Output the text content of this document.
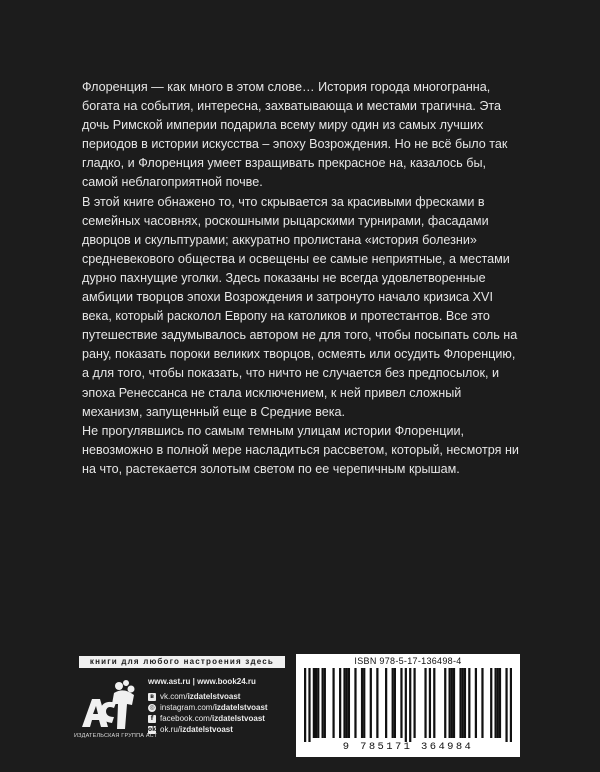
Флоренция — как много в этом слове… История города многогранна, богата на события, интересна, захватывающа и местами трагична. Эта дочь Римской империи подарила всему миру один из самых лучших периодов в истории искусства – эпоху Возрождения. Но не всё было так гладко, и Флоренция умеет взращивать прекрасное на, казалось бы, самой неблагоприятной почве.

В этой книге обнажено то, что скрывается за красивыми фресками в семейных часовнях, роскошными рыцарскими турнирами, фасадами дворцов и скульптурами; аккуратно пролистана «история болезни» средневекового общества и освещены ее самые неприятные, а местами дурно пахнущие уголки. Здесь показаны не всегда удовлетворенные амбиции творцов эпохи Возрождения и затронуто начало кризиса XVI века, который расколол Европу на католиков и протестантов. Все это путешествие задумывалось автором не для того, чтобы посыпать соль на рану, показать пороки великих творцов, осмеять или осудить Флоренцию, а для того, чтобы показать, что ничто не случается без предпосылок, и эпоха Ренессанса не стала исключением, к ней привел сложный механизм, запущенный еще в Средние века.

Не прогулявшись по самым темным улицам истории Флоренции, невозможно в полной мере насладиться рассветом, который, несмотря ни на что, растекается золотым светом по ее черепичным крышам.

книги для любого настроения здесь
ACT
ИЗДАТЕЛЬСКАЯ ГРУППА АСТ
www.ast.ru | www.book24.ru
в vk.com/izdatelstvoast
◎ instagram.com/izdatelstvoast
f facebook.com/izdatelstvoast
ok ok.ru/izdatelstvoast
ISBN 978-5-17-136498-4
9 785171 364984
